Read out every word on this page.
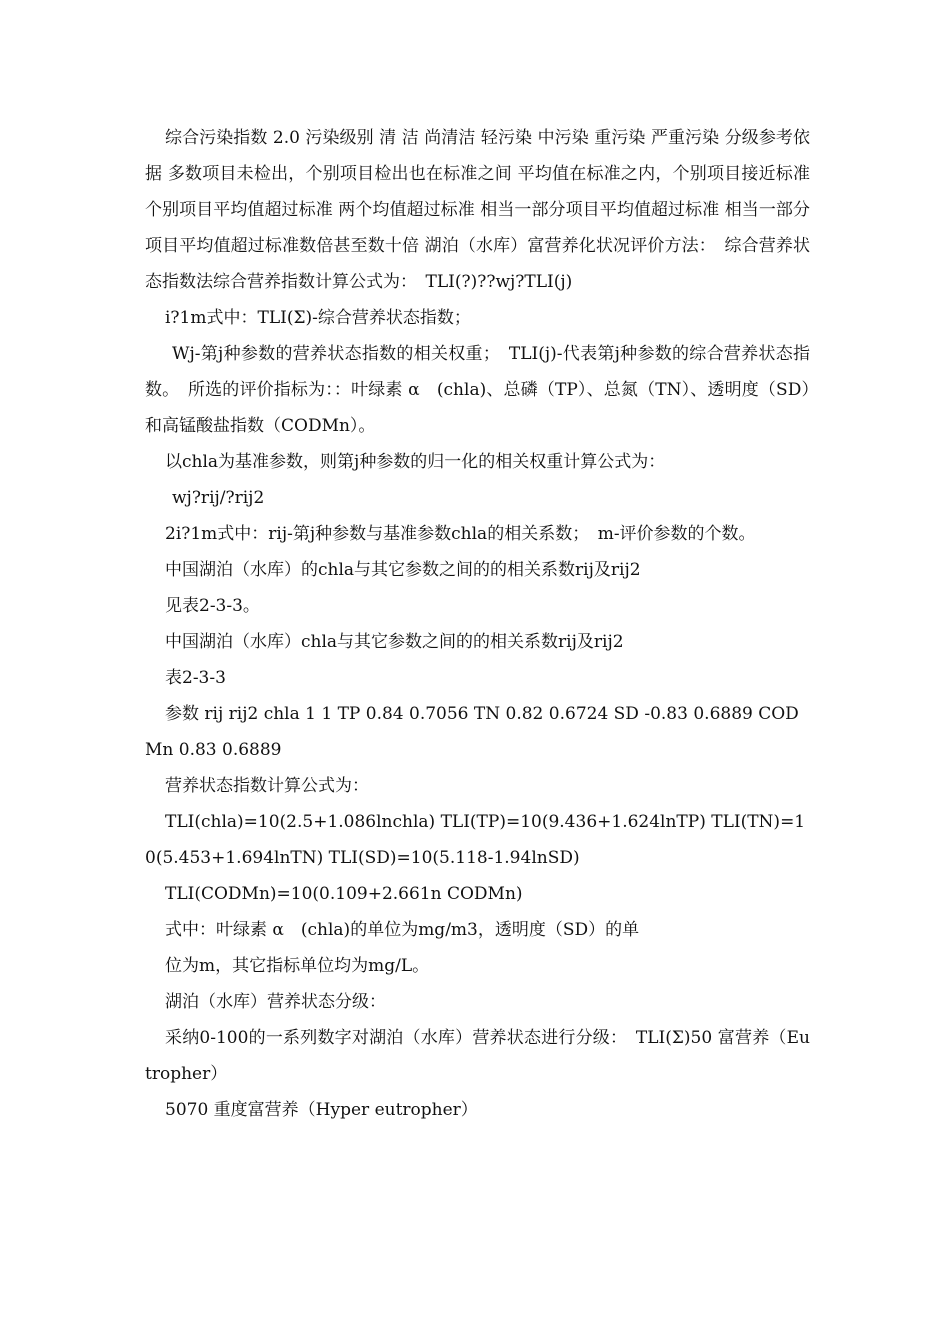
综合污染指数 2.0 污染级别 清 洁 尚清洁 轻污染 中污染 重污染 严重污染 分级参考依据 多数项目未检出，个别项目检出也在标准之间 平均值在标准之内，个别项目接近标准 个别项目平均值超过标准 两个均值超过标准 相当一部分项目平均值超过标准 相当一部分项目平均值超过标准数倍甚至数十倍 湖泊（水库）富营养化状况评价方法：　综合营养状态指数法综合营养指数计算公式为：　TLI(?)??wj?TLI(j)

i?1m式中：TLI(Σ)-综合营养状态指数；

Wj-第j种参数的营养状态指数的相关权重；　TLI(j)-代表第j种参数的综合营养状态指数。　所选的评价指标为：：叶绿素 α　(chla)、总磷（TP）、总氮（TN）、透明度（SD）和高锰酸盐指数（CODMn）。

以chla为基准参数，则第j种参数的归一化的相关权重计算公式为：

wj?rij/?rij2

2i?1m式中：rij-第j种参数与基准参数chla的相关系数；　m-评价参数的个数。

中国湖泊（水库）的chla与其它参数之间的的相关系数rij及rij2

见表2-3-3。

中国湖泊（水库）chla与其它参数之间的的相关系数rij及rij2

表2-3-3

参数 rij rij2 chla 1 1 TP 0.84 0.7056 TN 0.82 0.6724 SD -0.83 0.6889 CODMn 0.83 0.6889

营养状态指数计算公式为：

TLI(chla)=10(2.5+1.086lnchla) TLI(TP)=10(9.436+1.624lnTP) TLI(TN)=10(5.453+1.694lnTN) TLI(SD)=10(5.118-1.94lnSD)

TLI(CODMn)=10(0.109+2.661n CODMn)

式中：叶绿素 α　(chla)的单位为mg/m3，透明度（SD）的单

位为m，其它指标单位均为mg/L。

湖泊（水库）营养状态分级：

采纳0-100的一系列数字对湖泊（水库）营养状态进行分级：　TLI(Σ)50 富营养（Eutropher）

5070 重度富营养（Hyper eutropher）
